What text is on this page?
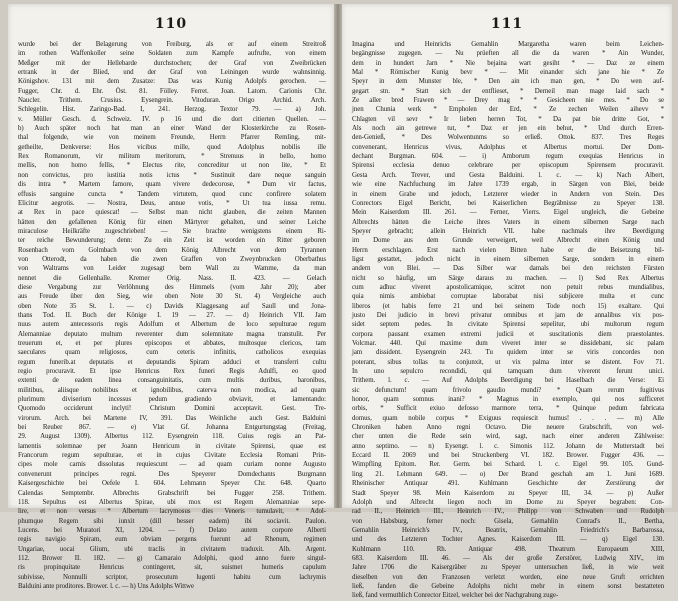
110
wurde bei der Belagerung von Freiburg, als er auf einem Streitroß
im rothen Waffenkoller seine Soldaten zum Kampfe aufrufte, von einem
Meßger mit der Hellebarde durchstochen; der Graf von Zweibrücken
ertrank in der Blied, und der Graf von Leiningen wurde wahnsinnig.
Königshov. 131 mit dem Zusatze: Das was Kunig Adolpfs gerochen. —
Fugger, Chr. d. Ehr. Öst. 81. Fölley. Ferret. Joan. Latom. Carionis Chr.
Naucler. Trithem. Crusius. Eysengrein. Vitoduran. Origo Archid. Arch.
Schlegelin. Hist. Zaringo-Bad. I, 241. Herzog. Textor 79. — a) Joh.
v. Müller Gesch. d. Schweiz. IV. p 16 und die dort citierten Quellen. —
b) Auch später noch hat man an einer Wand der Klosterkirche zu Rosen-
thal folgende, wie von meinem Freunde, Herrn Pfarrer Remling, mit-
getheilte, Denkverse: Hos vicibus mille, quod Adolphus nobilis ille
Rex Romanorum, vir militum meritorum, * Strenuus in bello, homo
mellis, non homo fellis, * Electus rite, concreditur ut non lite, * Et
non convictus, pro iustitia notis ictus * Sustinuit dare neque sanguin
dis intra * Martem famore, quam vivere dedecorose, * Dum vir factus,
effusis sanguine cuncta * Tandem virtutem, quod cunc confirere solatem
Elicitur aegrotis. — Nostra, Deus, annue votis, * Ut tua iussa remu.
at Rex in pace quiescat! — Selbst man nicht glauben, die zeiten Mannen
hätten den gefallenen König für einen Märtyrer gehalten, und seiner Leiche
miraculose Heilkräfte zugeschrieben! — Sie brachte wenigstens einem Ri-
ter reiche Bewunderung; denn: Zu ein Zeit ist worden ein Ritter geboren
Rosenbach vom Golmbach von dem König Albrecht von dem Tyrannen
von Otterodt, da haben die zwen Graffen von Zweynbrucken Oberbathus
von Waltrams von Leider zugesagt bem Wall zu Wamme, da man
nennet die Gellenhalle. Kremer Orig. Nass. II. 423. — Gelach
diese Vergabung zur Verlöhnung des Himmels (vom Jahr 20); aber
aus Freude über den Sieg, wie oben Note 30 St. 4) Vergleiche auch
oben Note 35 St. 1. — c) Davids Klaggesang auf Saull und Jona-
thans Tod. II. Buch der Könige I. 19 — 27. — d) Heinrich VII. Jam
nuus autem antecessoris regis Adolfum et Albertum de loco sepulturae regum
Alemanniae deputato multum reverenter dum solemnitate magna transtulit. Per
treuerum et, et per plures episcopos et abbates, multosque clericos, tam
saeculares quam religiosos, cum ceteris infinitis, catholicos exequias
regum funerib.at deputatis et deputandis Spiram adduci et transferri cultu
regio procuravit. Et ipse Henricus Rex funeri Regis Adulfi, eo quod
extenti de eadem linea consanguinitatis, cum multis duribus, baronibus,
militibus, aliisque nobilibus et ignobilibus, caterva non modica, ad quam
plurimum diviserium incessus pedum gradiendo obviavit, et lamentando:
Quomodo occiderunt inclyti! Christum Domini acceptavit. Gest. Tre-
virorum. Arch. bei Martene IV, 391. Das Weinliche auch Gest. Balduini
bei Reuber 867. — e) Vlat Gf. Johanna Entgurtungstag (Freitag,
29. August 1309). Albertus 112. Eysengrein 118. Cuius regis an Pat-
lamentis solemnae per Joann Henricum in civitate Spirensi, quae est
Francorum regum sepulturae, et in cujus Civitate Ecclesia Romani Prin-
cipes mole carnis dissolutas requiescunt — ad quam curiam nonne Augusto
convenerunt principes regni. Des Speyerer Domdechants Burgmann
Kaisergeschichte bei Oefele I. 604. Lehmann Speyer Chr. 648. Quarto
Calendas Semptembr. Albrechts Grabschrift bei Fugger 258. Trithem.
118. Sepultus est Albertus Spirae, ubi mox est Regem Alemanniae sepe-
lire, et non versus * Albertum lacrymosus dies Veneris tumulavit, * Adol-
phumque Regem sibi iunxit (dill besser eadem) ibi sociavit. Paulon.
Lucens. bei Muratori XI, 1204. — f) Delato autem corpore Alberti
regis navigio Spiram, eum obviam pergens fuerunt ad Rhenum, regimen
Ungariae, uocai Glium, ubi traclis in civitatem traduxit. Alb. Argent.
112. Brower II. 182. — g) Camaraio Adolphi, quod anno fuere singul-
ris propinquitate Henricus contingeret, sit, suismet humeris capulum
subivisse, Nonnulli scriptor, prosecutum lugenti habitu cum lachrymis
Balduini ante proditores. Brower. l. c. — h) Uns Adolphs Wittwe
111
Imagina und Heinrichs Gemahlin Margaretha waren beim Leichen-
begängnisse zugegen. — Nu prüeften all die da waren * Ain Wunder,
dem in hundert Jarn * Nie bejaina wart gesiht * — Daz ze einem
Mal * Römischer Kunig bevr * — Mit einander sich jane hie * Ze
Speyr in dem Munster ble, * Den ain ich man gen, * Do wen auf-
gegart stn. * Statt sich der entflieset, * Derneil man mage laid sach *
Ze aller bred Frawen * — Drey mag * * Gesicheen nie mes. * Do se
jnen Chunia werk * Empholen der Erd, * Ze zechen Weilen aihevv *
Chlagten vil sevr * Ir lieben herren Tot, * Da pat bie dritte Got, *
Als noch ain getrewe tut, * Daz er jen ein behut, * Und durch Erren-
den-Genieß, * Des Wolwentunms so erließ. Ottok. 837. Tres Reges
convenerant, Henricus vivus, Adolphus et Albertus mortui. Der Dom-
dechant Burgman. 604. — i) Amborum regum exequias Henricus in
Spirensi ecclesia denuo celebrare per episcopum Spirensem procuravit.
Gesta Arch. Trever, und Gesta Balduini. l. c. — k) Nach Albert,
wie eine Nachfuchung im Jahre 1739 ergab, in Särgen von Blei, beide
in einem Grabe und jedoch, Letzterer wieder in Andern von Stein. Des
Conrectors Eigel Bericht, bei Kaiserlichen Begräbnisse zu Speyer 138.
Mein Kaiserdom III. 261. — Ferner, Vierrs. Eigel ungleich, die Gebeine
Albrechts hätten die Leiche ihres Vaters in einem silbernen Sarge nach
Speyer gebracht; allein Heinrich VII. habe nachmals ihre Beerdigung
im Dome aus dem Grunde verweigert, weil Albrecht einen König und
Herrn erschlagen. Erst nach vielen Bitten habe er die Beisetzung bil-
ligst gestattet, jedoch nicht in einem silbernen Sarge, sondern in einem
andern von Blei. — Das Silber war damals bei den reichsten Fürsten
nicht so häufig, um Särge daraus zu machen. — l) Sed Rex Albertus
cum adhuc viveret apostolicamique, scitret non petuit rebus mundialibus,
quia nimis ambiebat corruptae laborabat nisi subjicere multa et cunc
liberos (et habis ferre 21 und bei seinem Tode noch 15) exaltare. Qui
justo Dei judicio in brevi privatur omnibus et jam de annalibus vix pos-
sidet septem pedes. In civitate Spirensi sepelitur, ubi multorum regum
corpora pausant examen extremi judicii et suscitationis diem praestolantes.
Volcmar. 440. Qui maxime dum viveret inter se dissidebant, sic palam
jam dissident. Eysengrein 243. Tu quidem inter se viris concordes non
poterant, sibus tollas tu conjunxit, ut vix palma inter se distent. Fov 71.
In uno sepulcro recondidi, qui tamquam dum viverent ferunt unici.
Trithem. l. c. — Auf Adolphs Beerdigung bei Haselbach die Verse: Ei
sic defunctum! quam frivolo gaudio mundi? * Quam rerum fugitivus
honor, quam somnus inani? * Magnus in exemplo, qui nos sufficeret
orbis, * Sufficit exiuo defosso marmore terra, * Quinque pedum fabricata
domus, quam nobile corpus * Exiguus requiescit humus! . . . — m) Alle
Chroniken haben Anno regni Octavo. Die neuere Grabschrift, von wel-
cher unten die Rede sein wird, sagt, nach einer anderen Zählweise:
anno septimo. — n) Eysengr. l. c. Simonis 112. Johann de Mutterstadt bei
Eccard II. 2069 und bei Struckenberg VI. 182. Brower. Fugger 436. —
Wimpfling Epitom. Rer. Germ. bei Schard. l. c. Eigel 99. 105. Gund-
ling 21. Lehmann 649. — o) Der Brand geschah am 1. Juni 1689.
Rheinischer Antiquar 491. Kuhlmann Geschichte der Zerstörung der
Stadt Speyer 98. Mein Kaiserdom zu Speyer III, 34. — p) Außer
Adolph und Albrecht liegen noch im Dome zu Speyer begraben: Con-
rad II., Heinrich III., Heinrich IV., Philipp von Schwaben und Rudolph
von Habsburg, ferner noch: Gisela, Gemahlin Conrad's II., Bertha,
Gemahlin Heinrich's IV., Beatrix, Gemahlin Friedrich's Barbarossa,
und des Letzteren Tochter Agnes. Kaiserdom III. — q) Eigel 130.
Kuhlmann 110. Rh. Antiquar 498. Theatrum Europaeum XIII,
683. Kaiserdom III. 46. — Als der große Zerstörer, Ludwig XIV., im
Jahre 1706 die Kaisergräber zu Speyer untersuchen ließ, in wie weit
dieselben von den Franzosen verletzt worden, eine neue Gruft errichten
ließ, fanden die Gebeine Adolphs nicht mehr in einem sonst bestatteten
ließ, fand vermuthlich Conrector Eitzel, welcher bei der Nachgrabung zuge-
